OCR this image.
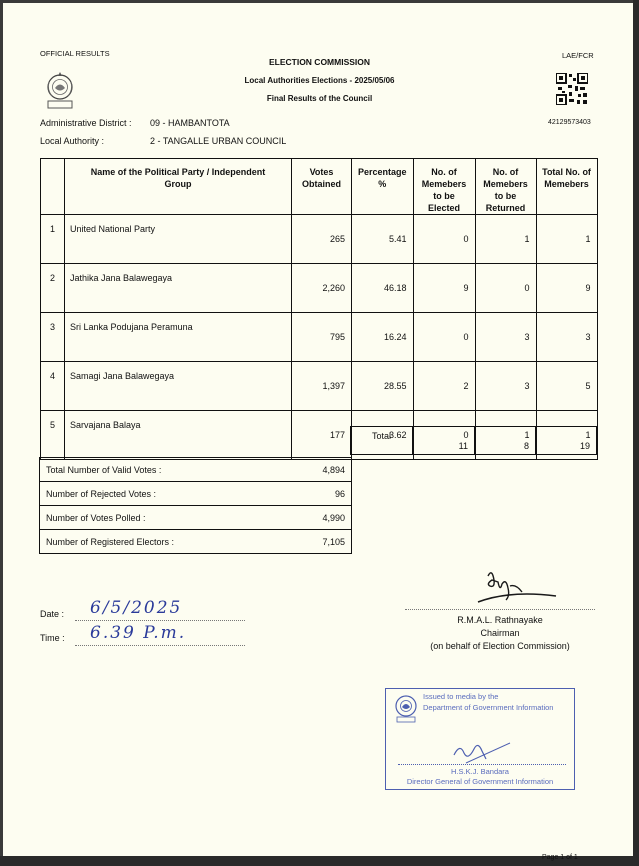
OFFICIAL RESULTS	LAE/FCR
ELECTION COMMISSION
Local Authorities Elections - 2025/05/06
Final Results of the Council
42129573403
Administrative District : 09 - HAMBANTOTA
Local Authority :	2 - TANGALLE URBAN COUNCIL
	Name of the Political Party / Independent Group	Votes Obtained	Percentage %	No. of Memebers to be Elected	No. of Memebers to be Returned	Total No. of Memebers
1	United National Party	265	5.41	0	1	1
2	Jathika Jana Balawegaya	2,260	46.18	9	0	9
3	Sri Lanka Podujana Peramuna	795	16.24	0	3	3
4	Samagi Jana Balawegaya	1,397	28.55	2	3	5
5	Sarvajana Balaya	177	3.62	0	1	1
Total	11	8	19
Total Number of Valid Votes :	4,894
Number of Rejected Votes :	96
Number of Votes Polled :	4,990
Number of Registered Electors :	7,105
Date : 6/5/2025
Time : 6.39 P.m.
R.M.A.L. Rathnayake
Chairman
(on behalf of Election Commission)
Issued to media by the
Department of Government Information
H.S.K.J. Bandara
Director General of Government Information
Page 1 of 1
